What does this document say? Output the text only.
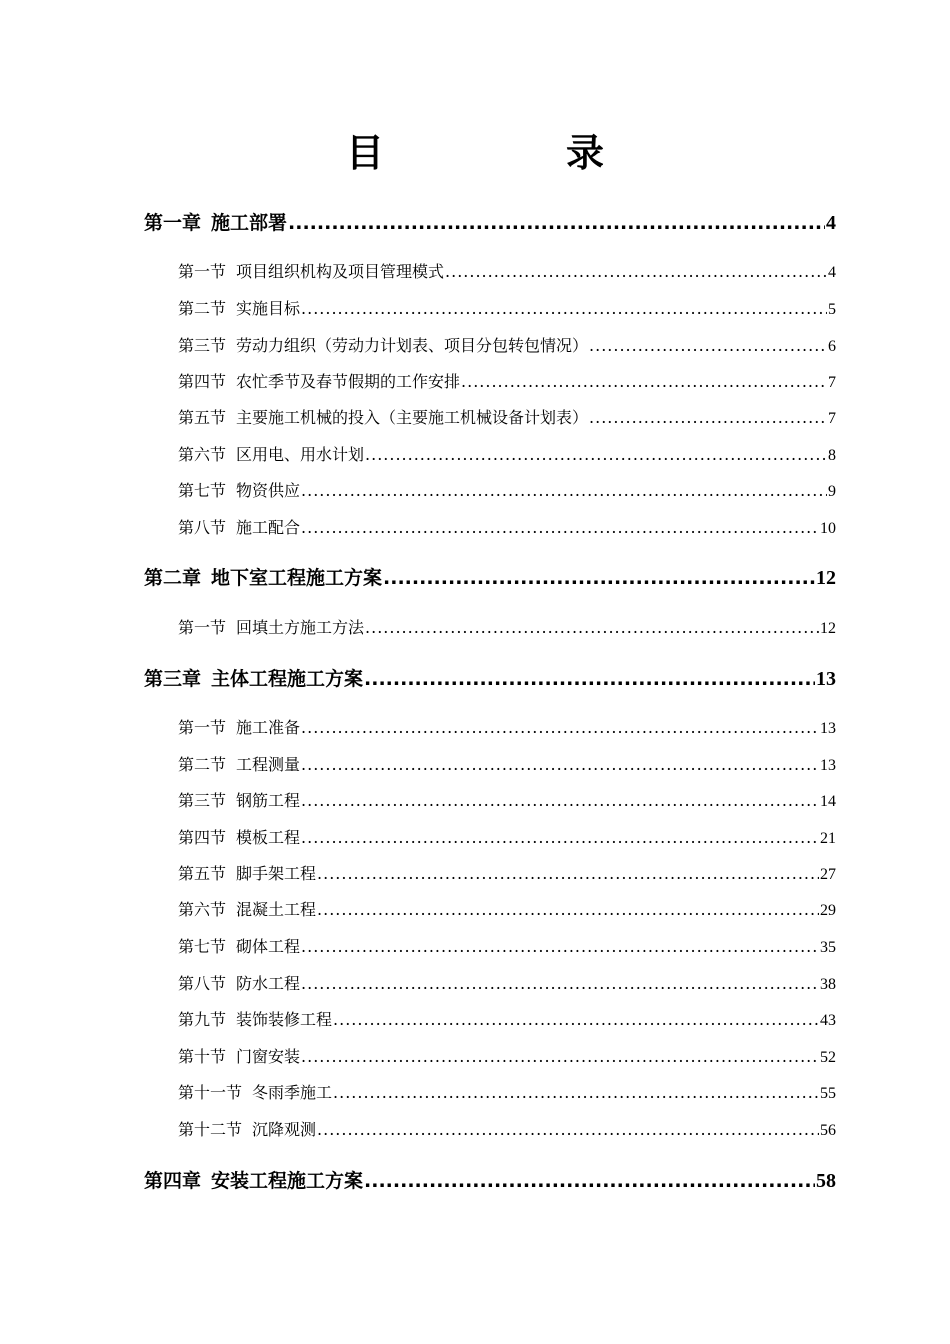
目　录
第一章 施工部署 .....	4
第一节 项目组织机构及项目管理模式 .....	4
第二节 实施目标 .....	5
第三节 劳动力组织（劳动力计划表、项目分包转包情况） .....	6
第四节 农忙季节及春节假期的工作安排 .....	7
第五节 主要施工机械的投入（主要施工机械设备计划表） .....	7
第六节 区用电、用水计划 .....	8
第七节 物资供应 .....	9
第八节 施工配合 .....	10
第二章 地下室工程施工方案 .....	12
第一节 回填土方施工方法 .....	12
第三章 主体工程施工方案 .....	13
第一节 施工准备 .....	13
第二节 工程测量 .....	13
第三节 钢筋工程 .....	14
第四节 模板工程 .....	21
第五节 脚手架工程 .....	27
第六节 混凝土工程 .....	29
第七节 砌体工程 .....	35
第八节 防水工程 .....	38
第九节 装饰装修工程 .....	43
第十节 门窗安装 .....	52
第十一节 冬雨季施工 .....	55
第十二节 沉降观测 .....	56
第四章 安装工程施工方案 .....	58
